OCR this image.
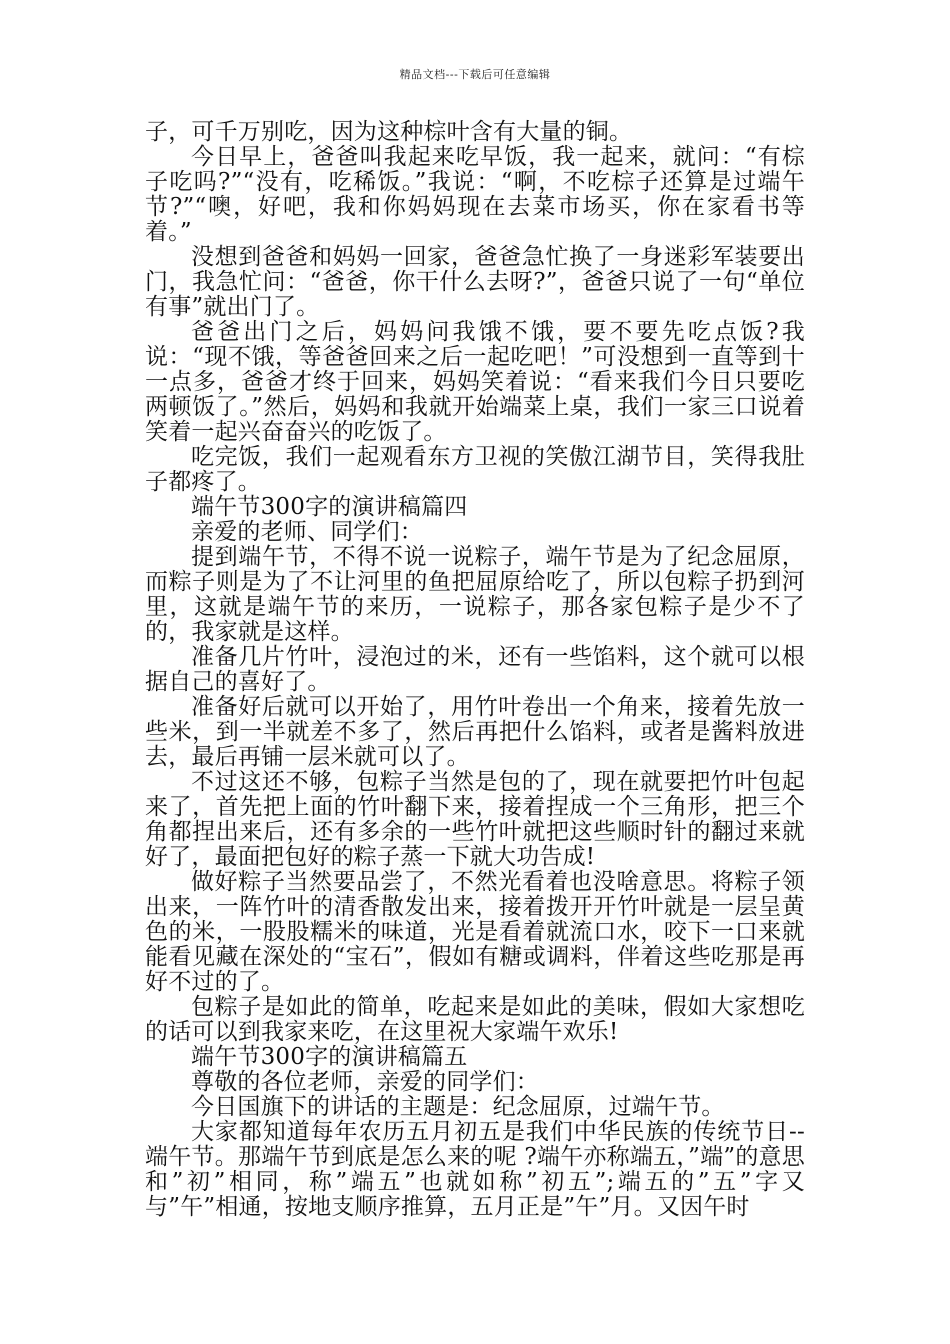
精品文档---下载后可任意编辑

子，可千万别吃，因为这种棕叶含有大量的铜。

今日早上，爸爸叫我起来吃早饭，我一起来，就问：“有棕子吃吗?”“没有，吃稀饭。”我说：“啊，不吃棕子还算是过端午节?”“噢，好吧，我和你妈妈现在去菜市场买，你在家看书等着。”

没想到爸爸和妈妈一回家，爸爸急忙换了一身迷彩军装要出门，我急忙问：“爸爸，你干什么去呀?”，爸爸只说了一句“单位有事”就出门了。

爸爸出门之后，妈妈问我饿不饿，要不要先吃点饭?我说：“现不饿，等爸爸回来之后一起吃吧！”可没想到一直等到十一点多，爸爸才终于回来，妈妈笑着说：“看来我们今日只要吃两顿饭了。”然后，妈妈和我就开始端菜上桌，我们一家三口说着笑着一起兴奋奋兴的吃饭了。

吃完饭，我们一起观看东方卫视的笑傲江湖节目，笑得我肚子都疼了。

端午节300字的演讲稿篇四

亲爱的老师、同学们：

提到端午节，不得不说一说粽子，端午节是为了纪念屈原，而粽子则是为了不让河里的鱼把屈原给吃了，所以包粽子扔到河里，这就是端午节的来历，一说粽子，那各家包粽子是少不了的，我家就是这样。

准备几片竹叶，浸泡过的米，还有一些馅料，这个就可以根据自己的喜好了。

准备好后就可以开始了，用竹叶卷出一个角来，接着先放一些米，到一半就差不多了，然后再把什么馅料，或者是酱料放进去，最后再铺一层米就可以了。

不过这还不够，包粽子当然是包的了，现在就要把竹叶包起来了，首先把上面的竹叶翻下来，接着捏成一个三角形，把三个角都捏出来后，还有多余的一些竹叶就把这些顺时针的翻过来就好了，最面把包好的粽子蒸一下就大功告成!

做好粽子当然要品尝了，不然光看着也没啥意思。将粽子领出来，一阵竹叶的清香散发出来，接着拨开开竹叶就是一层呈黄色的米，一股股糯米的味道，光是看着就流口水，咬下一口来就能看见藏在深处的“宝石”，假如有糖或调料，伴着这些吃那是再好不过的了。

包粽子是如此的简单，吃起来是如此的美味，假如大家想吃的话可以到我家来吃，在这里祝大家端午欢乐!

端午节300字的演讲稿篇五

尊敬的各位老师，亲爱的同学们：

今日国旗下的讲话的主题是：纪念屈原，过端午节。

大家都知道每年农历五月初五是我们中华民族的传统节日--端午节。那端午节到底是怎么来的呢 ?端午亦称端五，”端”的意思和”初”相同，称”端五”也就如称”初五”;端五的”五”字又与”午”相通，按地支顺序推算，五月正是”午”月。又因午时
